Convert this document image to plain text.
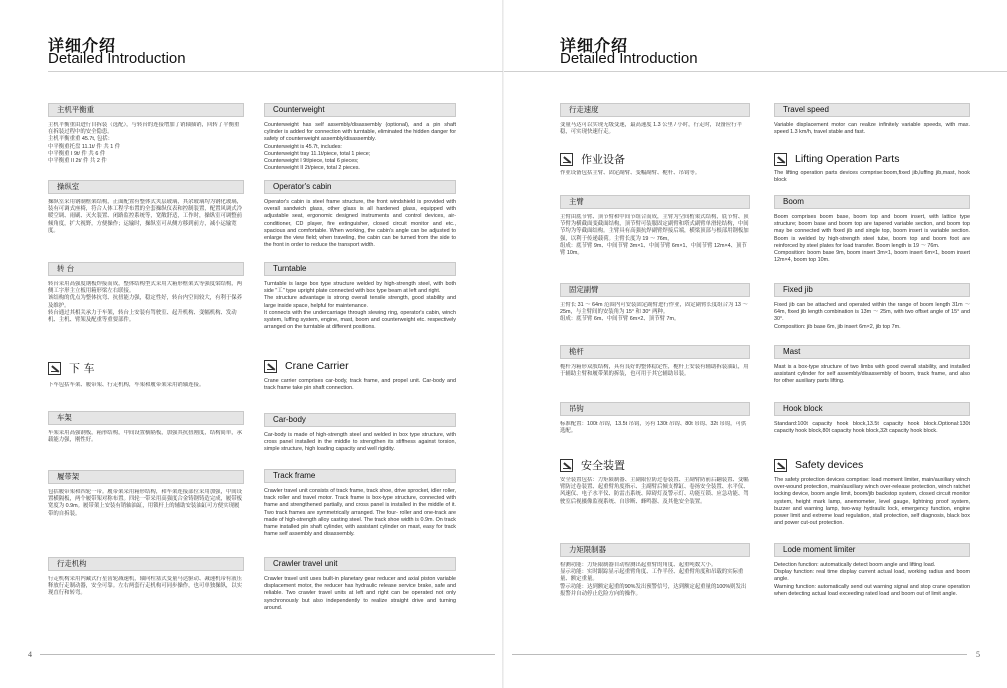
详细介绍
Detailed Introduction
主机平衡重
主机平衡重由进行自拆装（选配），与转台的连接增加了销轴插销，回转了平衡重在拆装过程中的安全隐患。
主机平衡重重 45.7t, 包括：
中平衡重托盘 11.1t/ 件 共 1 件
中平衡重 I 9t/ 件 共 6 件
中平衡重 II 2t/ 件 共 2 件
操纵室
操纵室采用钢制框架结构，正面配置有整体式夹层玻璃，其余玻璃均为钢化玻璃，装有可调式座椅，符合人体工程学布置的全套操纵仪表和控制装置，配置风调式冷暖空调、雨刷、灭火装置、闭路监控系统等，宽敞舒适，工作时，操纵室可调整前倾角度，扩大视野，方便操作；运输时，操纵室可从侧方移到前方，减小运输宽度。
转 台
转台采用高强度钢板焊接而成，整体结构型式采用大箱形框架式等强度梁结构，两侧工字形主立板用箱形梁左右联接。
该结构的优点为整体抗弯、抗扭能力强，稳定性好，转台内空间较大，有利于保养及维护。
转台通过其相关承力于车架，转台上安装有驾驶室、起升机构、变幅机构、发动机、主机、臂架及配重等重要部件。
下 车
下车包括车架、履带架、行走机构，车架和履带架采用销轴连接。
车架
车架采用高强钢板，箱形结构，中间设置横隔板，加强其抗扭刚度，结构简单，承载能力强，刚性好。
履带架
包括履带架和四轮一带。履带架采用箱形结构，和车架连接部位采用加强，中间设置横隔板，两个履带架对称布置。四轮一带采用高强度合金铸钢铸造完成，履带板宽度为 0.9m。履带架上安装有销轴油缸，用锁杆上的辅助安装油缸可方便实现履带的自拆装。
行走机构
行走机构采用内藏式行星齿轮减速机，轴向柱塞式变量马达驱动、减速机带有液压释放行走制动器，安全可靠。左右两套行走机构可同步操作，也可单独操纵，以实现直行和转弯。
Counterweight
Counterweight has self assembly/disassembly (optional), and a pin shaft cylinder is added for connection with turntable, eliminated the hidden danger for safety of counterweight assembly/disassembly.
Counterweight is 45.7t, includes:
Counterweight tray 11.1t/piece, total 1 piece;
Counterweight I 9t/piece, total 6 pieces;
Counterweight II 2t/piece, total 2 pieces.
Operator's cabin
Operator's cabin is steel frame structure, the front windshield is provided with overall sandwich glass, other glass is all hardened glass, equipped with adjustable seat, ergonomic designed instruments and control devices, air-conditioner, CD player, fire extinguisher, closed circuit monitor and etc., spacious and comfortable. When working, the cabin's angle can be adjusted to enlarge the view field; when traveling, the cabin can be turned from the side to the front in order to reduce the transport width.
Turntable
Turntable is large box type structure welded by high-strength steel, with both side "工" type upright plate connected with box type beam at left and right.
The structure advantage is strong overall tensile strength, good stability and large inside space, helpful for maintenance.
It connects with the undercarriage through slewing ring, operator's cabin, winch system, luffing system, engine, mast, boom and counterweight etc. respectively arranged on the turntable at different positions.
Crane Carrier
Crane carrier comprises car-body, track frame, and propel unit. Car-body and track frame take pin shaft connection.
Car-body
Car-body is made of high-strength steel and welded in box type structure, with cross panel installed in the middle to strengthen its stiffness against torsion, simple structure, high loading capacity and well rigidity.
Track frame
Crawler travel unit consists of track frame, track shoe, drive sprocket, idler roller, track roller and travel motor. Track frame is box-type structure, connected with frame and strengthened partially, and cross panel is installed in the middle of it. Two track frames are symmetrically arranged. The four- roller and one-track are made of high-strength alloy casting steel. The track shoe width is 0.9m. On track frame installed pin shaft cylinder, with assistant cylinder on mast, easy for track frame self assembly and disassembly.
Crawler travel unit
Crawler travel unit uses built-in planetary gear reducer and axial piston variable displacement motor, the reducer has hydraulic release service brake, safe and reliable. Two crawler travel units at left and right can be operated not only synchronously but also independently to realize straight drive and turning around.
4
详细介绍
Detailed Introduction
行走速度
变量马达可以实现无级变速，最高速度 1.3 公里 / 小时，行走时，设备应行平稳，可实现快速行走。
作业设备
作业设备包括主臂、固定副臂、变幅副臂、桅杆、吊钩等。
主臂
主臂由底节臂、顶节臂和中间节组合而成，主臂为空间桁架式结构，底节臂、顶节臂为横截面变截面结构，顶节臂可装服固定副臂和塔式副臂单滑轮结构，中间节均为等截面结构。主臂具有高强抗焊副臂焊接后端，横梁顶部与根部用钢板加强，以利于传递载荷。主臂长度为 19 ～ 76m，
组成：底节臂 9m、中间节臂 3m×1、中间节臂 6m×1、中间节臂 12m×4、顶节臂 10m。
固定副臂
主臂长 31 ～ 64m 范围内可安装固定副臂进行作业，固定副臂长度组合为 13 ～ 25m，与主臂间的安装角为 15° 和 30° 两种。
组成：底节臂 6m、中间节臂 6m×2、顶节臂 7m。
桅杆
桅杆为箱形双肢结构，具有良好的整体稳定性，桅杆上安装有辅助拆装油缸，用于辅助主臂和履带架的拆装，也可用于其它辅助吊装。
吊钩
标准配置：100t 吊钩，13.5t 吊钩，另有 130t 吊钩、80t 吊钩、32t 吊钩，可供选配。
安全装置
安全装置包括：力矩限制器、主副限位防过卷装置、主副臂防前后翻装置、变幅臂防过卷装置、起重臂角度指示、主副臂后倾支撑缸、卷扬安全装置、水平仪、风速仪、电子水平仪、防雷击系统、障碍灯及警示灯、功能互锁、应急功能、驾驶室后视摄像监视系统、自诊断、蜂鸣器、及其他安全装置。
力矩限制器
检测功能：力矩限制器自动检测出起重臂的角度、起重吨数大小。
显示功能：实时跟踪显示起重臂角度、工作半径、起重臂角度和吊载的实际重量、额定重量。
警示功能：达到额定起重的90%发出预警信号，达到额定起重量的100%则发出报警并自动停止危险方向的操作。
Travel speed
Variable displacement motor can realize infinitely variable speeds, with max. speed 1.3 km/h, travel stable and fast.
Lifting Operation Parts
The lifting operation parts devices comprise:boom,fixed jib,luffing jib,mast, hook block
Boom
Boom comprises boom base, boom top and boom insert, with lattice type structure; boom base and boom top are tapered variable section, and boom top may be connected with fixed jib and single top, boom insert is variable section. Boom is welded by high-strength steel tube, boom top and boom foot are reinforced by steel plates for load transfer. Boom length is 19 ～ 76m.
Composition: boom base 9m, boom insert 3m×1, boom insert 6m×1, boom insert 12m×4, boom top 10m.
Fixed jib
Fixed jib can be attached and operated within the range of boom length 31m ～ 64m, fixed jib length combination is 13m ～ 25m, with two offset angle of 15° and 30°.
Composition: jib base 6m, jib insert 6m×2, jib top 7m.
Mast
Mast is a box-type structure of two limbs with good overall stability, and installed assistant cylinder for self assembly/disassembly of boom, track frame, and also for other auxiliary parts lifting.
Hook block
Standard:100t capacity hook block,13.5t capacity hook block.Optional:130t capacity hook block,80t capacity hook block,32t capacity hook block.
Safety devices
The safety protection devices comprise: load moment limiter, main/auxiliary winch over-wound protection, main/auxiliary winch over-release protection, winch ratchet locking device, boom angle limit, boom/jib backstop system, closed circuit monitor system, height mark lamp, anemometer, level gauge, lightning proof system, buzzer and warning lamp, two-way hydraulic lock, emergency function, engine power limit and extreme load regulation, stall protection, self diagnosis, black box and power cut-out protection.
Lode moment limiter
Detection function: automatically detect boom angle and lifting load.
Display function: real time display current actual load, working radius and boom angle.
Warning function: automatically send out warning signal and stop crane operation when detecting actual load exceeding rated load and boom out of limit angle.
5
